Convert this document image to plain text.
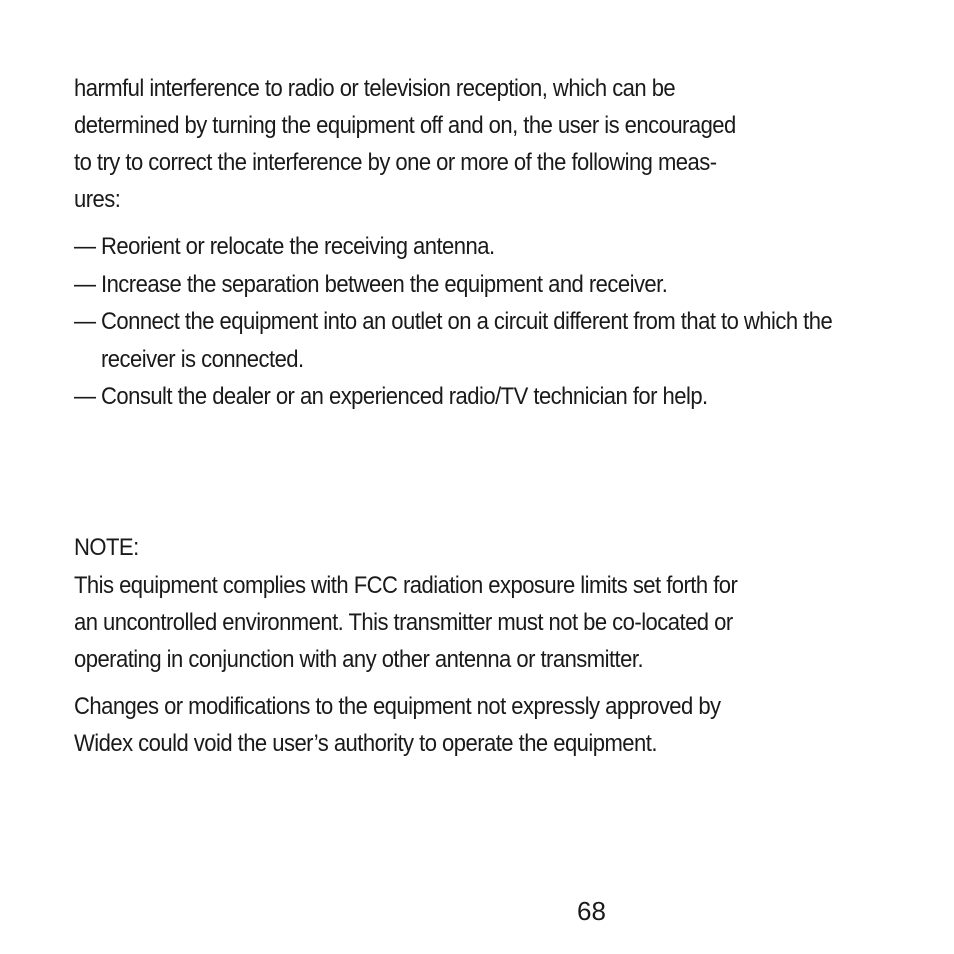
harmful interference to radio or television reception, which can be
determined by turning the equipment off and on, the user is encouraged
to try to correct the interference by one or more of the following meas-
ures:

— Reorient or relocate the receiving antenna.
— Increase the separation between the equipment and receiver.
— Connect the equipment into an outlet on a circuit different from that to which the receiver is connected.
— Consult the dealer or an experienced radio/TV technician for help.

NOTE:

This equipment complies with FCC radiation exposure limits set forth for
an uncontrolled environment. This transmitter must not be co-located or
operating in conjunction with any other antenna or transmitter.

Changes or modifications to the equipment not expressly approved by
Widex could void the user’s authority to operate the equipment.

68
